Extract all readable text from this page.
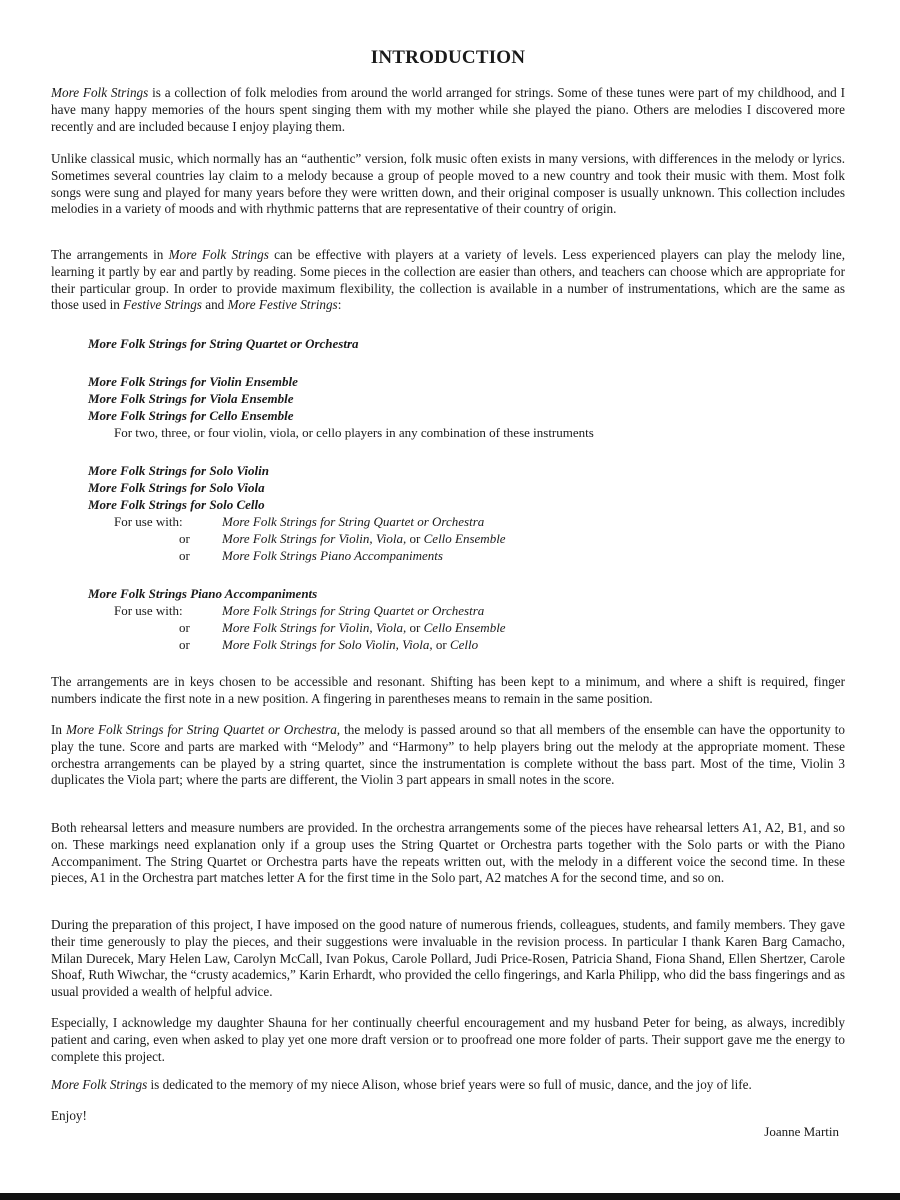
INTRODUCTION

More Folk Strings is a collection of folk melodies from around the world arranged for strings. Some of these tunes were part of my childhood, and I have many happy memories of the hours spent singing them with my mother while she played the piano. Others are melodies I discovered more recently and are included because I enjoy playing them.

Unlike classical music, which normally has an “authentic” version, folk music often exists in many versions, with differences in the melody or lyrics. Sometimes several countries lay claim to a melody because a group of people moved to a new country and took their music with them. Most folk songs were sung and played for many years before they were written down, and their original composer is usually unknown. This collection includes melodies in a variety of moods and with rhythmic patterns that are representative of their country of origin.

The arrangements in More Folk Strings can be effective with players at a variety of levels. Less experienced players can play the melody line, learning it partly by ear and partly by reading. Some pieces in the collection are easier than others, and teachers can choose which are appropriate for their particular group. In order to provide maximum flexibility, the collection is available in a number of instrumentations, which are the same as those used in Festive Strings and More Festive Strings:

More Folk Strings for String Quartet or Orchestra
More Folk Strings for Violin Ensemble
More Folk Strings for Viola Ensemble
More Folk Strings for Cello Ensemble
For two, three, or four violin, viola, or cello players in any combination of these instruments
More Folk Strings for Solo Violin
More Folk Strings for Solo Viola
More Folk Strings for Solo Cello
For use with:	More Folk Strings for String Quartet or Orchestra
or More Folk Strings for Violin, Viola, or Cello Ensemble
or More Folk Strings Piano Accompaniments
More Folk Strings Piano Accompaniments
For use with:	More Folk Strings for String Quartet or Orchestra
or More Folk Strings for Violin, Viola, or Cello Ensemble
or More Folk Strings for Solo Violin, Viola, or Cello

The arrangements are in keys chosen to be accessible and resonant. Shifting has been kept to a minimum, and where a shift is required, finger numbers indicate the first note in a new position. A fingering in parentheses means to remain in the same position.

In More Folk Strings for String Quartet or Orchestra, the melody is passed around so that all members of the ensemble can have the opportunity to play the tune. Score and parts are marked with “Melody” and “Harmony” to help players bring out the melody at the appropriate moment. These orchestra arrangements can be played by a string quartet, since the instrumentation is complete without the bass part. Most of the time, Violin 3 duplicates the Viola part; where the parts are different, the Violin 3 part appears in small notes in the score.

Both rehearsal letters and measure numbers are provided. In the orchestra arrangements some of the pieces have rehearsal letters A1, A2, B1, and so on. These markings need explanation only if a group uses the String Quartet or Orchestra parts together with the Solo parts or with the Piano Accompaniment. The String Quartet or Orchestra parts have the repeats written out, with the melody in a different voice the second time. In these pieces, A1 in the Orchestra part matches letter A for the first time in the Solo part, A2 matches A for the second time, and so on.

During the preparation of this project, I have imposed on the good nature of numerous friends, colleagues, students, and family members. They gave their time generously to play the pieces, and their suggestions were invaluable in the revision process. In particular I thank Karen Barg Camacho, Milan Durecek, Mary Helen Law, Carolyn McCall, Ivan Pokus, Carole Pollard, Judi Price-Rosen, Patricia Shand, Fiona Shand, Ellen Shertzer, Carole Shoaf, Ruth Wiwchar, the “crusty academics,” Karin Erhardt, who provided the cello fingerings, and Karla Philipp, who did the bass fingerings and as usual provided a wealth of helpful advice.

Especially, I acknowledge my daughter Shauna for her continually cheerful encouragement and my husband Peter for being, as always, incredibly patient and caring, even when asked to play yet one more draft version or to proofread one more folder of parts. Their support gave me the energy to complete this project.

More Folk Strings is dedicated to the memory of my niece Alison, whose brief years were so full of music, dance, and the joy of life.

Enjoy!

Joanne Martin
